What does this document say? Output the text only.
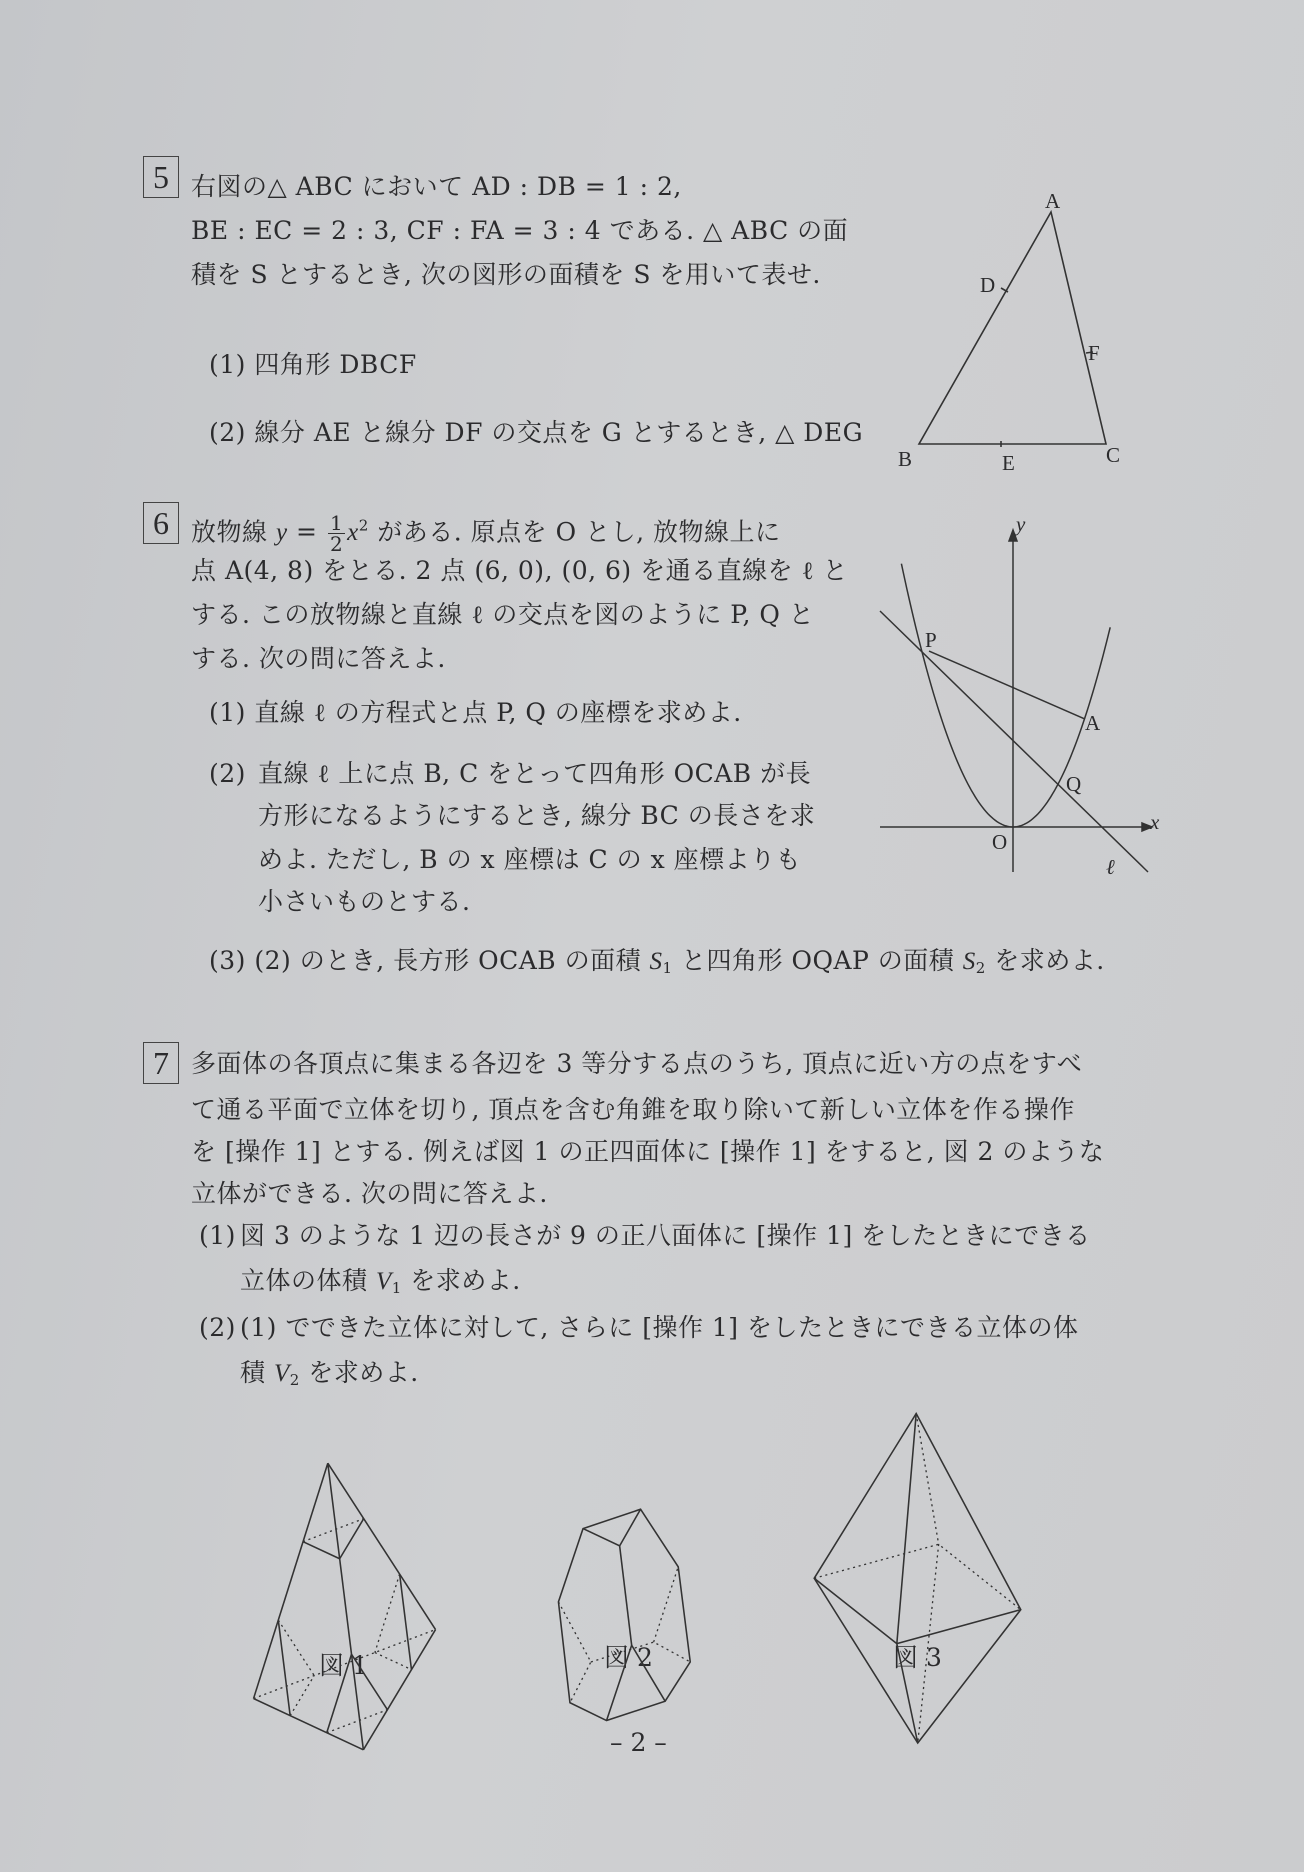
5 右図の△ ABC において AD : DB = 1 : 2,
BE : EC = 2 : 3, CF : FA = 3 : 4 である. △ ABC の面
積を S とするとき, 次の図形の面積を S を用いて表せ.
(1) 四角形 DBCF
(2) 線分 AE と線分 DF の交点を G とするとき, △ DEG
6 放物線 $y = \frac{1}{2} x^2$ がある. 原点を O とし, 放物線上に
点 A(4, 8) をとる. 2 点 (6, 0), (0, 6) を通る直線を ℓ と
する. この放物線と直線 ℓ の交点を図のように P, Q と
する. 次の問に答えよ.
(1) 直線 ℓ の方程式と点 P, Q の座標を求めよ.
(2) 直線 ℓ 上に点 B, C をとって四角形 OCAB が長
方形になるようにするとき, 線分 BC の長さを求
めよ. ただし, B の x 座標は C の x 座標よりも
小さいものとする.
(3) (2) のとき, 長方形 OCAB の面積 $S_1$ と四角形 OQAP の面積 $S_2$ を求めよ.
7 多面体の各頂点に集まる各辺を 3 等分する点のうち, 頂点に近い方の点をすべ
て通る平面で立体を切り, 頂点を含む角錐を取り除いて新しい立体を作る操作
を [操作 1] とする. 例えば図 1 の正四面体に [操作 1] をすると, 図 2 のような
立体ができる. 次の問に答えよ.
(1) 図 3 のような 1 辺の長さが 9 の正八面体に [操作 1] をしたときにできる
立体の体積 $V_1$ を求めよ.
(2) (1) でできた立体に対して, さらに [操作 1] をしたときにできる立体の体
積 $V_2$ を求めよ.
図 1	図 2	図 3
– 2 –
A
B	C
D
F
E
y
x
O
P
A
Q
ℓ
